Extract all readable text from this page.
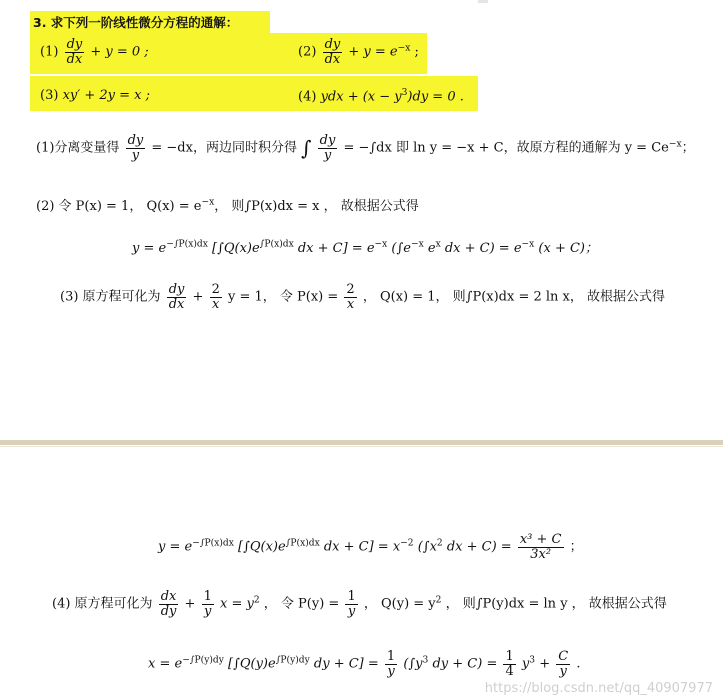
3. 求下列一阶线性微分方程的通解：
$(1) \frac{dy}{dx} + y = 0$ ;	$(2) \frac{dy}{dx} + y = e^{-x}$ ;
(3) xy′ + 2y = x ;	(4) ydx + $(x - y^3)dy = 0$ .
(1)分离变量得 $\frac{dy}{y} = -dx$，两边同时积分得 ∫ $\frac{dy}{y} = -\int dx$ 即 ln y = −x + C，故原方程的通解为 $y = Ce^{-x}$；
(2) 令 P(x) = 1， $Q(x) = e^{-x}$， 则∫P(x)dx = x ， 故根据公式得
$y = e^{-\int P(x)dx}$ [$\int Q(x)e^{\int P(x)dx}$ dx + $C] = e^{-x}$ ($\int e^{-x}$ $e^x$ dx + $C) = e^{-x}$ (x + C)；
(3) 原方程可化为 $\frac{dy}{dx} + \frac{2}{x}$ y = 1， 令 $P(x) = \frac{2}{x}$ ， Q(x) = 1， 则∫P(x)dx = 2 ln x， 故根据公式得
$y = e^{-\int P(x)dx}$ [$\int Q(x)e^{\int P(x)dx}$ dx + $C] = x^{-2}$ ($\int x^2$ dx + $C) = \frac{\text{x³ + C}}{\text{3x²}}$ ；
(4) 原方程可化为 $\frac{dx}{dy} + \frac{1}{y}$ $x = y^2$ ， 令 $P(y) = \frac{1}{y}$ ， $Q(y) = y^2$ ， 则∫P(y)dx = ln y ， 故根据公式得
$x = e^{-\int P(y)dy}$ [$\int Q(y)e^{\int P(y)dy}$ dy + $C] = \frac{1}{y} (\int y^3$ dy + $C) = \frac{1}{4} y^3 + \frac{C}{y}$ .
https://blog.csdn.net/qq_40907977
